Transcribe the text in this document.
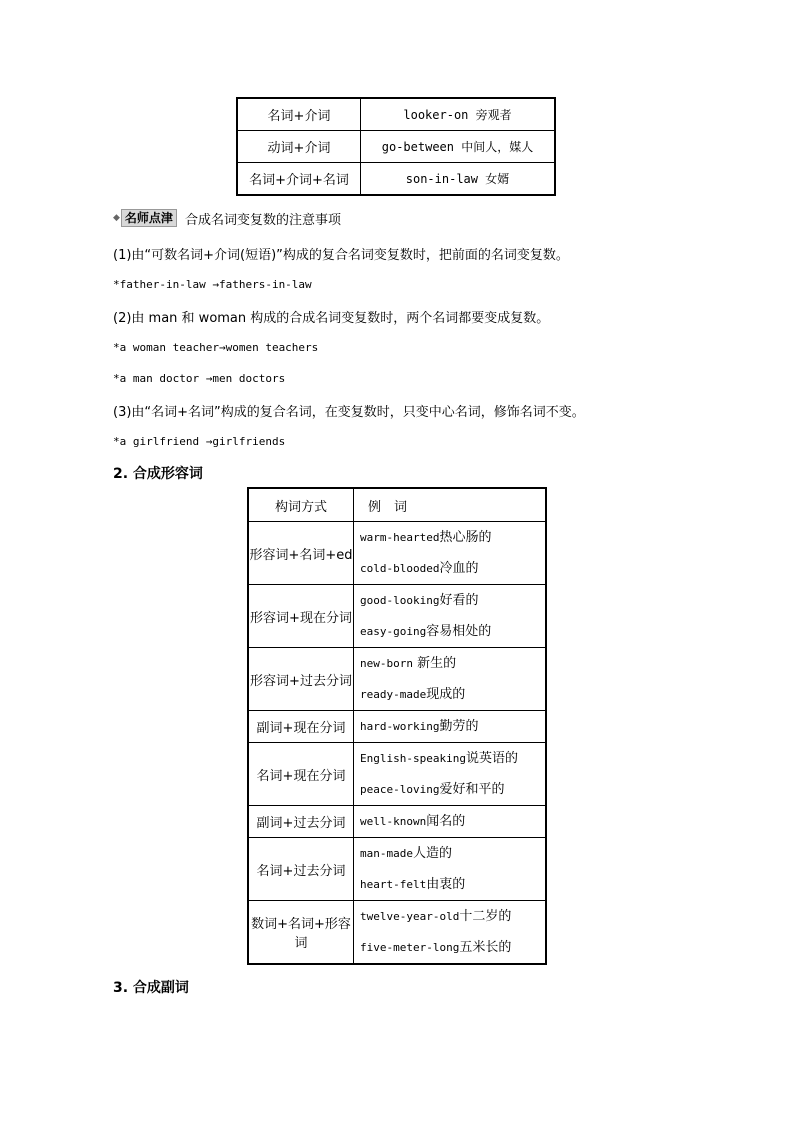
名词+介词	looker-on 旁观者
动词+介词	go-between 中间人，媒人
名词+介词+名词	son-in-law 女婿
◆ 名师点津 合成名词变复数的注意事项
(1)由“可数名词+介词(短语)”构成的复合名词变复数时，把前面的名词变复数。
*father-in-law →fathers-in-law
(2)由 man 和 woman 构成的合成名词变复数时，两个名词都要变成复数。
*a woman teacher→women teachers
*a man doctor →men doctors
(3)由“名词+名词”构成的复合名词，在变复数时，只变中心名词，修饰名词不变。
*a girlfriend →girlfriends
2. 合成形容词
构词方式	例　词
形容词+名词+ed	warm-hearted热心肠的
cold-blooded冷血的

形容词+现在分词	good-looking好看的
easy-going容易相处的

形容词+过去分词	new-born 新生的
ready-made现成的

副词+现在分词	hard-working勤劳的

名词+现在分词	English-speaking说英语的
peace-loving爱好和平的

副词+过去分词	well-known闻名的

名词+过去分词	man-made人造的
heart-felt由衷的

数词+名词+形容词	twelve-year-old十二岁的
five-meter-long五米长的
3. 合成副词
